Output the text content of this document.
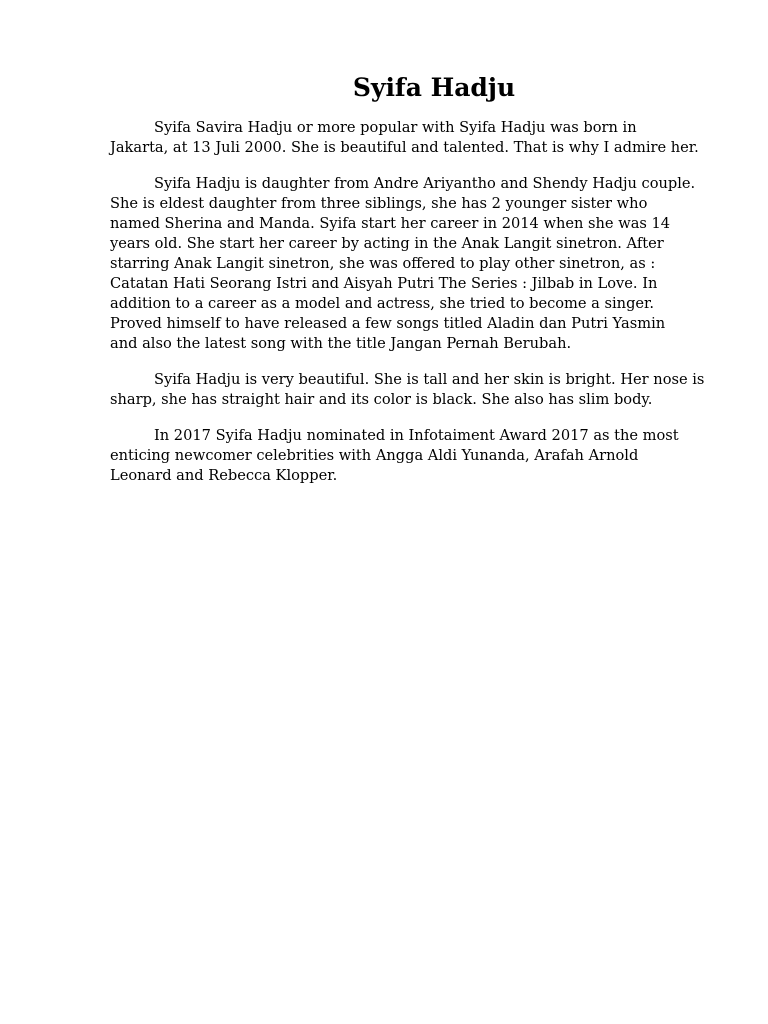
Syifa Hadju

Syifa Savira Hadju or more popular with Syifa Hadju was born in
Jakarta, at 13 Juli 2000. She is beautiful and talented. That is why I admire her.

Syifa Hadju is daughter from Andre Ariyantho and Shendy Hadju couple.
She is eldest daughter from three siblings, she has 2 younger sister who
named Sherina and Manda. Syifa start her career in 2014 when she was 14
years old. She start her career by acting in the Anak Langit sinetron. After
starring Anak Langit sinetron, she was offered to play other sinetron, as :
Catatan Hati Seorang Istri and Aisyah Putri The Series : Jilbab in Love. In
addition to a career as a model and actress, she tried to become a singer.
Proved himself to have released a few songs titled Aladin dan Putri Yasmin
and also the latest song with the title Jangan Pernah Berubah.

Syifa Hadju is very beautiful. She is tall and her skin is bright. Her nose is
sharp, she has straight hair and its color is black. She also has slim body.

In 2017 Syifa Hadju nominated in Infotaiment Award 2017 as the most
enticing newcomer celebrities with Angga Aldi Yunanda, Arafah Arnold
Leonard and Rebecca Klopper.
